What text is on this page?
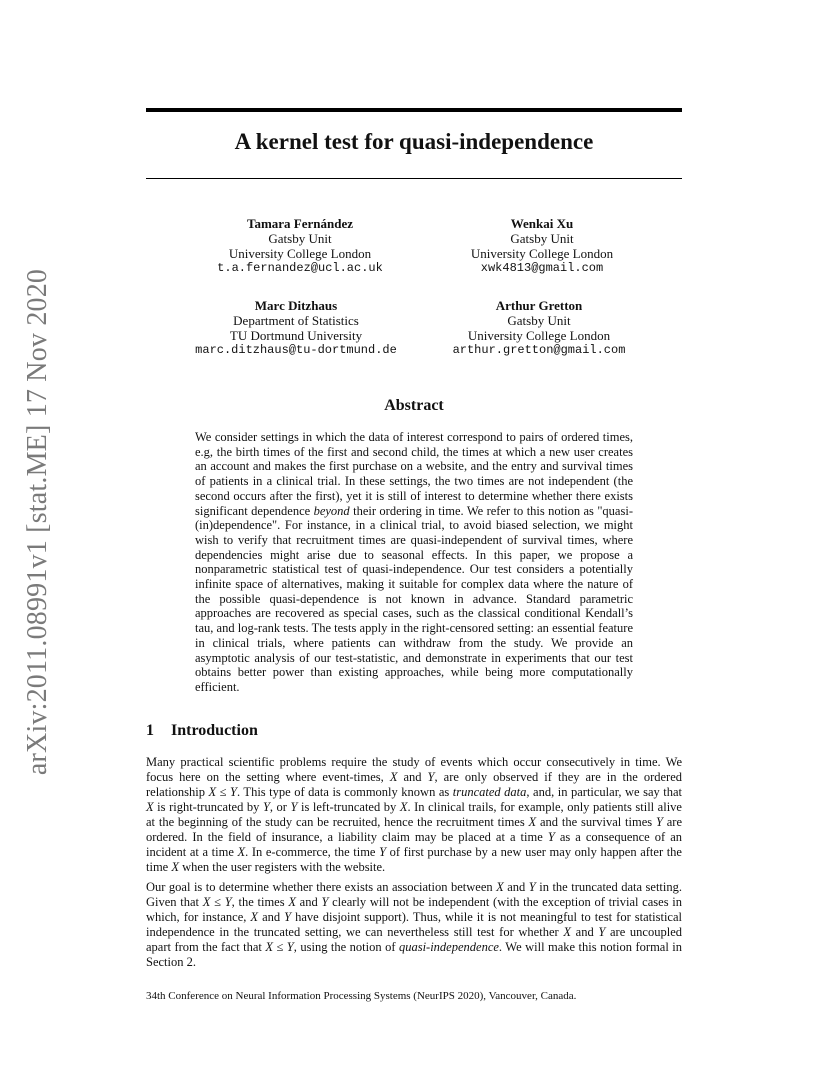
arXiv:2011.08991v1 [stat.ME] 17 Nov 2020
A kernel test for quasi-independence
Tamara Fernández
Gatsby Unit
University College London
t.a.fernandez@ucl.ac.uk
Wenkai Xu
Gatsby Unit
University College London
xwk4813@gmail.com
Marc Ditzhaus
Department of Statistics
TU Dortmund University
marc.ditzhaus@tu-dortmund.de
Arthur Gretton
Gatsby Unit
University College London
arthur.gretton@gmail.com
Abstract

We consider settings in which the data of interest correspond to pairs of ordered times, e.g, the birth times of the first and second child, the times at which a new user creates an account and makes the first purchase on a website, and the entry and survival times of patients in a clinical trial. In these settings, the two times are not independent (the second occurs after the first), yet it is still of interest to determine whether there exists significant dependence beyond their ordering in time. We refer to this notion as "quasi-(in)dependence". For instance, in a clinical trial, to avoid biased selection, we might wish to verify that recruitment times are quasi-independent of survival times, where dependencies might arise due to seasonal effects. In this paper, we propose a nonparametric statistical test of quasi-independence. Our test considers a potentially infinite space of alternatives, making it suitable for complex data where the nature of the possible quasi-dependence is not known in advance. Standard parametric approaches are recovered as special cases, such as the classical conditional Kendall’s tau, and log-rank tests. The tests apply in the right-censored setting: an essential feature in clinical trials, where patients can withdraw from the study. We provide an asymptotic analysis of our test-statistic, and demonstrate in experiments that our test obtains better power than existing approaches, while being more computationally efficient.

1 Introduction

Many practical scientific problems require the study of events which occur consecutively in time. We focus here on the setting where event-times, X and Y, are only observed if they are in the ordered relationship X ≤ Y. This type of data is commonly known as truncated data, and, in particular, we say that X is right-truncated by Y, or Y is left-truncated by X. In clinical trails, for example, only patients still alive at the beginning of the study can be recruited, hence the recruitment times X and the survival times Y are ordered. In the field of insurance, a liability claim may be placed at a time Y as a consequence of an incident at a time X. In e-commerce, the time Y of first purchase by a new user may only happen after the time X when the user registers with the website.

Our goal is to determine whether there exists an association between X and Y in the truncated data setting. Given that X ≤ Y, the times X and Y clearly will not be independent (with the exception of trivial cases in which, for instance, X and Y have disjoint support). Thus, while it is not meaningful to test for statistical independence in the truncated setting, we can nevertheless still test for whether X and Y are uncoupled apart from the fact that X ≤ Y, using the notion of quasi-independence. We will make this notion formal in Section 2.

34th Conference on Neural Information Processing Systems (NeurIPS 2020), Vancouver, Canada.
